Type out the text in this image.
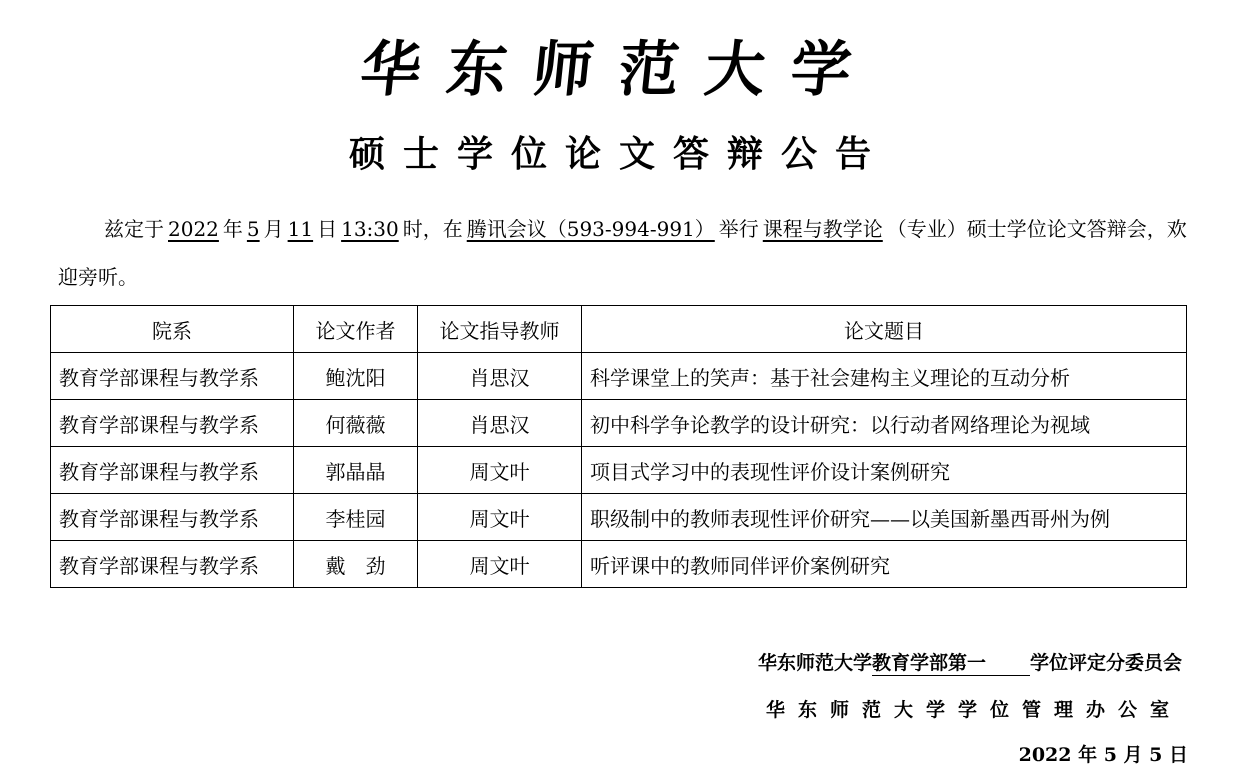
华东师范大学
硕士学位论文答辩公告
兹定于 2022 年 5 月 11 日 13:30 时，在 腾讯会议（593-994-991） 举行 课程与教学论 （专业）硕士学位论文答辩会，欢迎旁听。
院系	论文作者	论文指导教师	论文题目
教育学部课程与教学系	鲍沈阳	肖思汉	科学课堂上的笑声：基于社会建构主义理论的互动分析
教育学部课程与教学系	何薇薇	肖思汉	初中科学争论教学的设计研究：以行动者网络理论为视域
教育学部课程与教学系	郭晶晶	周文叶	项目式学习中的表现性评价设计案例研究
教育学部课程与教学系	李桂园	周文叶	职级制中的教师表现性评价研究——以美国新墨西哥州为例
教育学部课程与教学系	戴　劲	周文叶	听评课中的教师同伴评价案例研究
华东师范大学教育学部第一 学位评定分委员会
华东师范大学学位管理办公室
2022 年 5 月 5 日
